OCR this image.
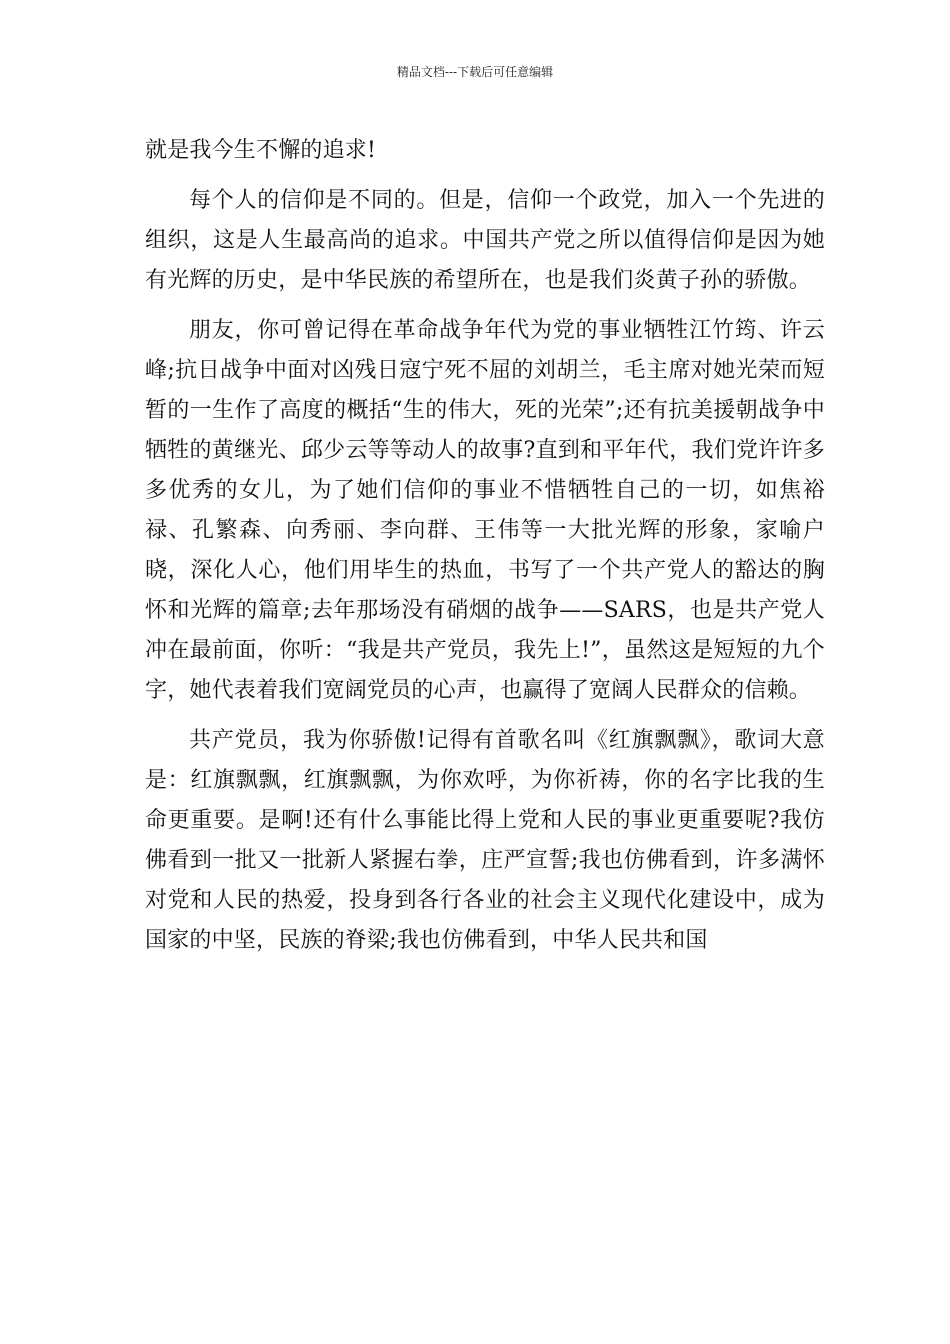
精品文档---下载后可任意编辑

就是我今生不懈的追求!

每个人的信仰是不同的。但是，信仰一个政党，加入一个先进的组织，这是人生最高尚的追求。中国共产党之所以值得信仰是因为她有光辉的历史，是中华民族的希望所在，也是我们炎黄子孙的骄傲。

朋友，你可曾记得在革命战争年代为党的事业牺牲江竹筠、许云峰;抗日战争中面对凶残日寇宁死不屈的刘胡兰，毛主席对她光荣而短暂的一生作了高度的概括“生的伟大，死的光荣”;还有抗美援朝战争中牺牲的黄继光、邱少云等等动人的故事?直到和平年代，我们党许许多多优秀的女儿，为了她们信仰的事业不惜牺牲自己的一切，如焦裕禄、孔繁森、向秀丽、李向群、王伟等一大批光辉的形象，家喻户晓，深化人心，他们用毕生的热血，书写了一个共产党人的豁达的胸怀和光辉的篇章;去年那场没有硝烟的战争——SARS，也是共产党人冲在最前面，你听：“我是共产党员，我先上!”，虽然这是短短的九个字，她代表着我们宽阔党员的心声，也赢得了宽阔人民群众的信赖。

共产党员，我为你骄傲!记得有首歌名叫《红旗飘飘》，歌词大意是：红旗飘飘，红旗飘飘，为你欢呼，为你祈祷，你的名字比我的生命更重要。是啊!还有什么事能比得上党和人民的事业更重要呢?我仿佛看到一批又一批新人紧握右拳，庄严宣誓;我也仿佛看到，许多满怀对党和人民的热爱，投身到各行各业的社会主义现代化建设中，成为国家的中坚，民族的脊梁;我也仿佛看到，中华人民共和国
